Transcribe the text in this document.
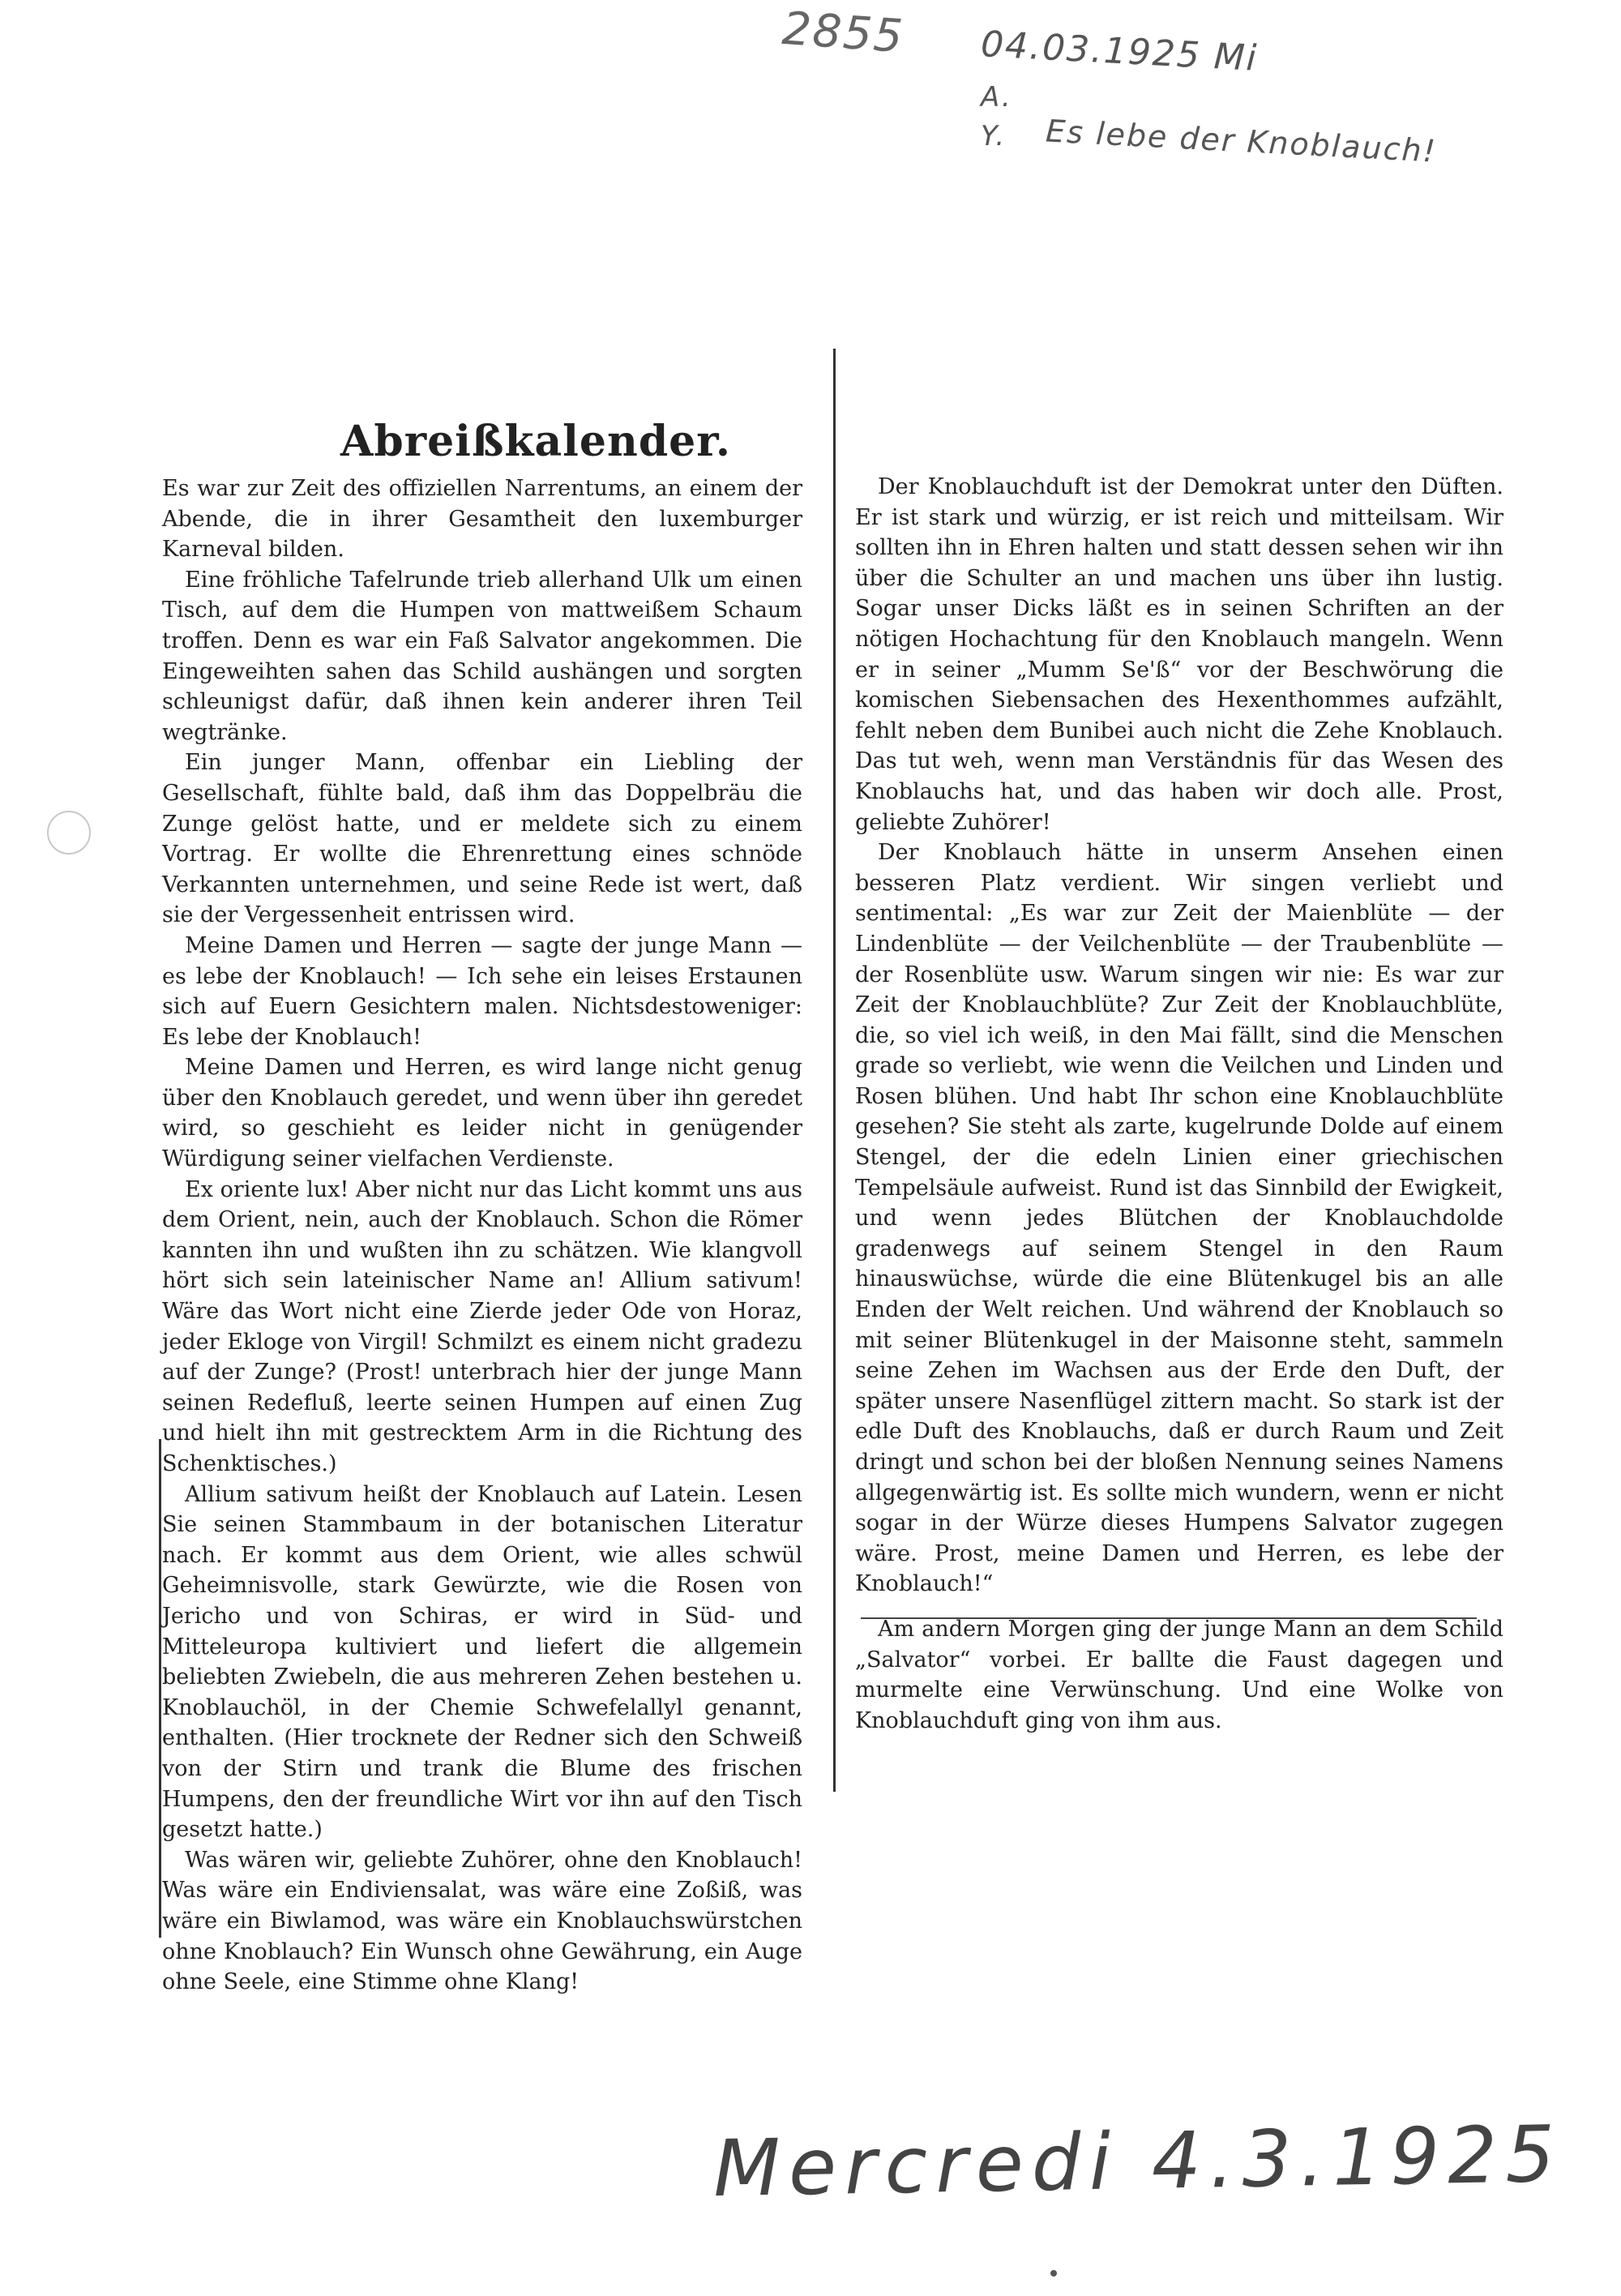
2855 04.03.1925 Mi
A.
Y. Es lebe der Knoblauch!
Abreißkalender.

Es war zur Zeit des offiziellen Narrentums, an einem der Abende, die in ihrer Gesamtheit den luxemburger Karneval bilden.

Eine fröhliche Tafelrunde trieb allerhand Ulk um einen Tisch, auf dem die Humpen von mattweißem Schaum troffen. Denn es war ein Faß Salvator angekommen. Die Eingeweihten sahen das Schild aushängen und sorgten schleunigst dafür, daß ihnen kein anderer ihren Teil wegtränke.

Ein junger Mann, offenbar ein Liebling der Gesellschaft, fühlte bald, daß ihm das Doppelbräu die Zunge gelöst hatte, und er meldete sich zu einem Vortrag. Er wollte die Ehrenrettung eines schnöde Verkannten unternehmen, und seine Rede ist wert, daß sie der Vergessenheit entrissen wird.

Meine Damen und Herren — sagte der junge Mann — es lebe der Knoblauch! — Ich sehe ein leises Erstaunen sich auf Euern Gesichtern malen. Nichtsdestoweniger: Es lebe der Knoblauch!

Meine Damen und Herren, es wird lange nicht genug über den Knoblauch geredet, und wenn über ihn geredet wird, so geschieht es leider nicht in genügender Würdigung seiner vielfachen Verdienste.

Ex oriente lux! Aber nicht nur das Licht kommt uns aus dem Orient, nein, auch der Knoblauch. Schon die Römer kannten ihn und wußten ihn zu schätzen. Wie klangvoll hört sich sein lateinischer Name an! Allium sativum! Wäre das Wort nicht eine Zierde jeder Ode von Horaz, jeder Ekloge von Virgil! Schmilzt es einem nicht gradezu auf der Zunge? (Prost! unterbrach hier der junge Mann seinen Redefluß, leerte seinen Humpen auf einen Zug und hielt ihn mit gestrecktem Arm in die Richtung des Schenktisches.)

Allium sativum heißt der Knoblauch auf Latein. Lesen Sie seinen Stammbaum in der botanischen Literatur nach. Er kommt aus dem Orient, wie alles schwül Geheimnisvolle, stark Gewürzte, wie die Rosen von Jericho und von Schiras, er wird in Süd- und Mitteleuropa kultiviert und liefert die allgemein beliebten Zwiebeln, die aus mehreren Zehen bestehen u. Knoblauchöl, in der Chemie Schwefelallyl genannt, enthalten. (Hier trocknete der Redner sich den Schweiß von der Stirn und trank die Blume des frischen Humpens, den der freundliche Wirt vor ihn auf den Tisch gesetzt hatte.)

Was wären wir, geliebte Zuhörer, ohne den Knoblauch! Was wäre ein Endiviensalat, was wäre eine Zoßiß, was wäre ein Biwlamod, was wäre ein Knoblauchswürstchen ohne Knoblauch? Ein Wunsch ohne Gewährung, ein Auge ohne Seele, eine Stimme ohne Klang!

Der Knoblauchduft ist der Demokrat unter den Düften. Er ist stark und würzig, er ist reich und mitteilsam. Wir sollten ihn in Ehren halten und statt dessen sehen wir ihn über die Schulter an und machen uns über ihn lustig. Sogar unser Dicks läßt es in seinen Schriften an der nötigen Hochachtung für den Knoblauch mangeln. Wenn er in seiner „Mumm Se'ß“ vor der Beschwörung die komischen Siebensachen des Hexenthommes aufzählt, fehlt neben dem Bunibei auch nicht die Zehe Knoblauch. Das tut weh, wenn man Verständnis für das Wesen des Knoblauchs hat, und das haben wir doch alle. Prost, geliebte Zuhörer!

Der Knoblauch hätte in unserm Ansehen einen besseren Platz verdient. Wir singen verliebt und sentimental: „Es war zur Zeit der Maienblüte — der Lindenblüte — der Veilchenblüte — der Traubenblüte — der Rosenblüte usw. Warum singen wir nie: Es war zur Zeit der Knoblauchblüte? Zur Zeit der Knoblauchblüte, die, so viel ich weiß, in den Mai fällt, sind die Menschen grade so verliebt, wie wenn die Veilchen und Linden und Rosen blühen. Und habt Ihr schon eine Knoblauchblüte gesehen? Sie steht als zarte, kugelrunde Dolde auf einem Stengel, der die edeln Linien einer griechischen Tempelsäule aufweist. Rund ist das Sinnbild der Ewigkeit, und wenn jedes Blütchen der Knoblauchdolde gradenwegs auf seinem Stengel in den Raum hinauswüchse, würde die eine Blütenkugel bis an alle Enden der Welt reichen. Und während der Knoblauch so mit seiner Blütenkugel in der Maisonne steht, sammeln seine Zehen im Wachsen aus der Erde den Duft, der später unsere Nasenflügel zittern macht. So stark ist der edle Duft des Knoblauchs, daß er durch Raum und Zeit dringt und schon bei der bloßen Nennung seines Namens allgegenwärtig ist. Es sollte mich wundern, wenn er nicht sogar in der Würze dieses Humpens Salvator zugegen wäre. Prost, meine Damen und Herren, es lebe der Knoblauch!“

Am andern Morgen ging der junge Mann an dem Schild „Salvator“ vorbei. Er ballte die Faust dagegen und murmelte eine Verwünschung. Und eine Wolke von Knoblauchduft ging von ihm aus.

Mercredi 4.3.1925
